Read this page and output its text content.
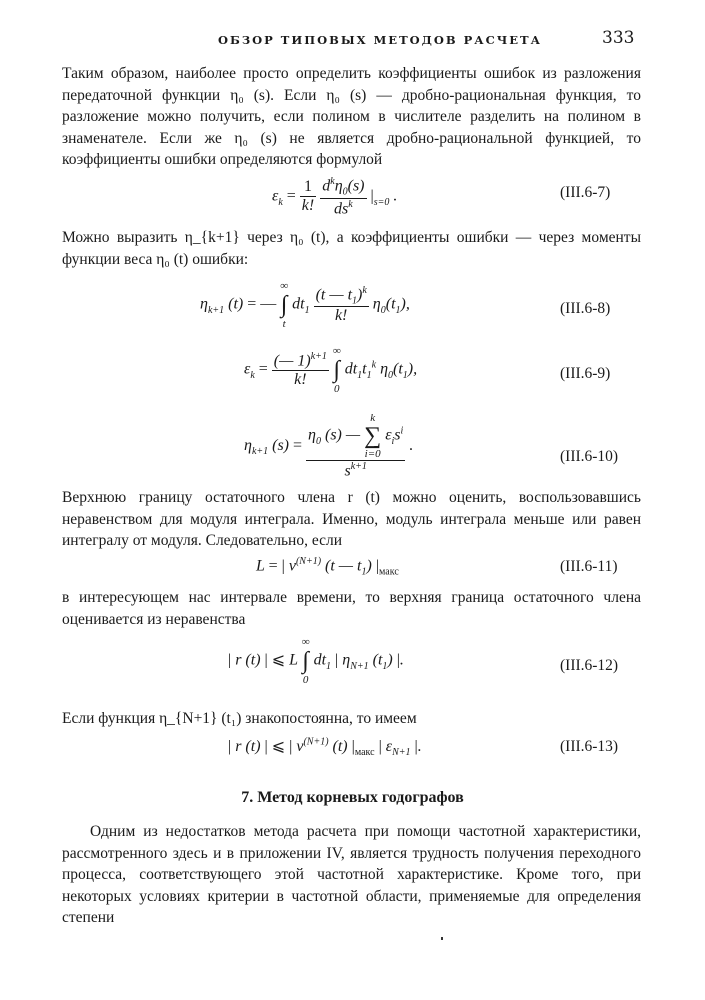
ОБЗОР ТИПОВЫХ МЕТОДОВ РАСЧЕТА	333
Таким образом, наиболее просто определить коэффициенты ошибок из разложения передаточной функции η₀ (s). Если η₀ (s) — дробно-рациональная функция, то разложение можно получить, если полином в числителе разделить на полином в знаменателе. Если же η₀ (s) не является дробно-рациональной функцией, то коэффициенты ошибки определяются формулой
$\varepsilon_k = \frac{1}{k!}$
$\frac{d^k\eta_0(s)}{ds^k} |_{s=0}$ .	(III.6-7)
Можно выразить η_{k+1} через η₀ (t), а коэффициенты ошибки — через моменты функции веса η₀ (t) ошибки:
$\eta_{k+1}$ (t) = —
∞
∫
t
$dt_1 \frac{(t — t_1)^k}{k!} \eta_0(t_1)$,	(III.6-8)
$\varepsilon_k = \frac{(— 1)^{k+1}}{k!}$
∞
∫
0
$dt_1t_1^k$ $\eta_0(t_1)$,	(III.6-9)
$\eta_{k+1}$ $(s) = \eta_0$ (s) —
k
∑
i=0
$\varepsilon_is^i$
$s^{k+1}$ .
(III.6-10)
Верхнюю границу остаточного члена r (t) можно оценить, воспользовавшись неравенством для модуля интеграла. Именно, модуль интеграла меньше или равен интегралу от модуля. Следовательно, если
L = | $v^{(N+1)}$ (t — $t_1$) $|_{макс}$	(III.6-11)
в интересующем нас интервале времени, то верхняя граница остаточного члена оценивается из неравенства
| r (t) | ⩽ L
∞
∫
0
$dt_1$ | $\eta_{N+1}$ $(t_1)$ |.	(III.6-12)
Если функция η_{N+1} (t₁) знакопостоянна, то имеем
| r (t) | ⩽ | $v^{(N+1)}$ (t) $|_{макс}$ | $\varepsilon_{N+1}$ |.	(III.6-13)
7. Метод корневых годографов
Одним из недостатков метода расчета при помощи частотной характеристики, рассмотренного здесь и в приложении IV, является трудность получения переходного процесса, соответствующего этой частотной характеристике. Кроме того, при некоторых условиях критерии в частотной области, применяемые для определения степени
